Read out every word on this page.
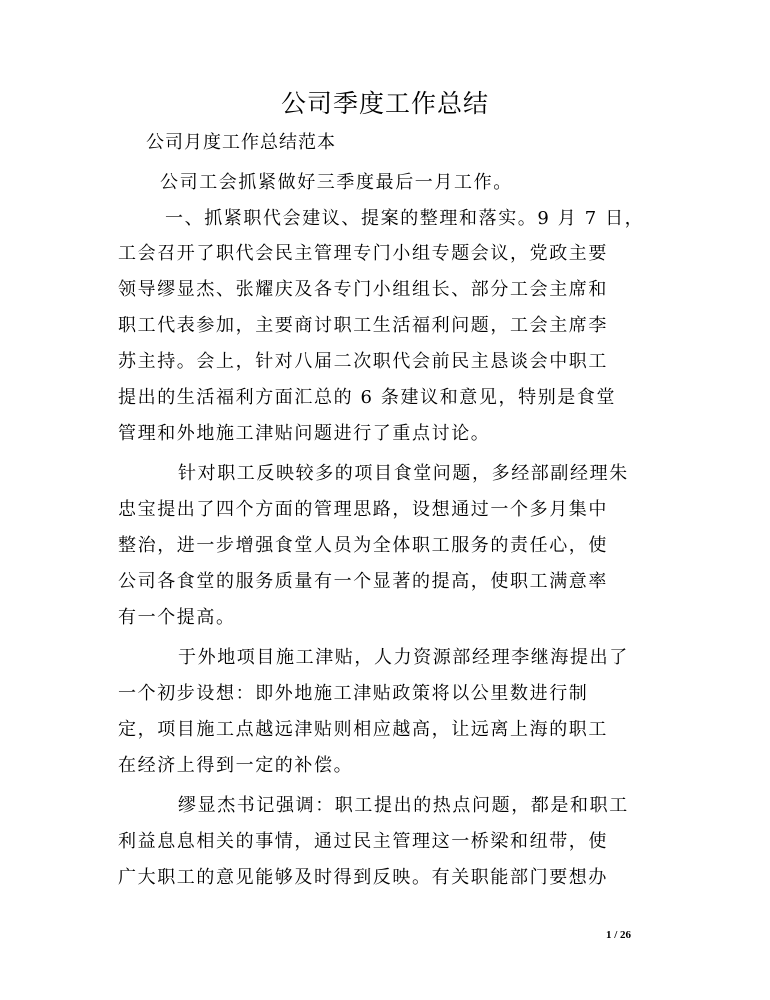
公司季度工作总结
公司月度工作总结范本
公司工会抓紧做好三季度最后一月工作。
一、抓紧职代会建议、提案的整理和落实。9 月 7 日，
工会召开了职代会民主管理专门小组专题会议，党政主要
领导缪显杰、张耀庆及各专门小组组长、部分工会主席和
职工代表参加，主要商讨职工生活福利问题，工会主席李
苏主持。会上，针对八届二次职代会前民主恳谈会中职工
提出的生活福利方面汇总的 6 条建议和意见，特别是食堂
管理和外地施工津贴问题进行了重点讨论。
针对职工反映较多的项目食堂问题，多经部副经理朱
忠宝提出了四个方面的管理思路，设想通过一个多月集中
整治，进一步增强食堂人员为全体职工服务的责任心，使
公司各食堂的服务质量有一个显著的提高，使职工满意率
有一个提高。
于外地项目施工津贴，人力资源部经理李继海提出了
一个初步设想：即外地施工津贴政策将以公里数进行制
定，项目施工点越远津贴则相应越高，让远离上海的职工
在经济上得到一定的补偿。
缪显杰书记强调：职工提出的热点问题，都是和职工
利益息息相关的事情，通过民主管理这一桥梁和纽带，使
广大职工的意见能够及时得到反映。有关职能部门要想办
1 / 26
